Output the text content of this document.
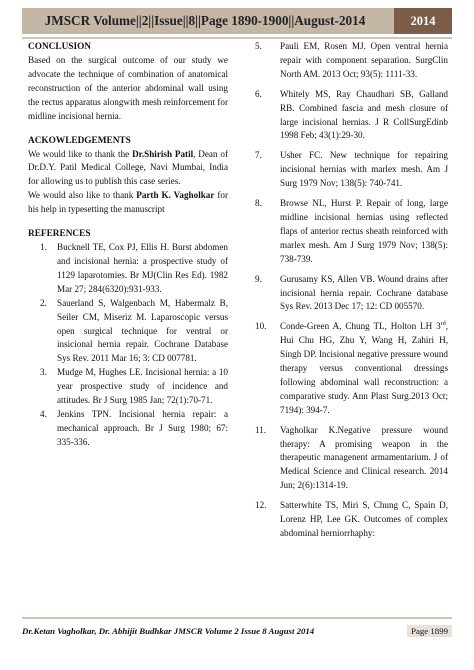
JMSCR Volume||2||Issue||8||Page 1890-1900||August-2014	2014
CONCLUSION

Based on the surgical outcome of our study we advocate the technique of combination of anatomical reconstruction of the anterior abdominal wall using the rectus apparatus alongwith mesh reinforcement for midline incisional hernia.

ACKOWLEDGEMENTS

We would like to thank the Dr.Shirish Patil, Dean of Dr.D.Y. Patil Medical College, Navi Mumbai, India for allowing us to publish this case series.

We would also like to thank Parth K. Vagholkar for his help in typesetting the manuscript

REFERENCES
1. Bucknell TE, Cox PJ, Ellis H. Burst abdomen and incisional hernia: a prospective study of 1129 laparotomies. Br MJ(Clin Res Ed). 1982 Mar 27; 284(6320):931-933.
2. Sauerland S, Walgenbach M, Habermalz B, Seiler CM, Miseriz M. Laparoscopic versus open surgical technique for ventral or insicional hernia repair. Cochrane Database Sys Rev. 2011 Mar 16; 3: CD 007781.
3. Mudge M, Hughes LE. Incisional hernia: a 10 year prospective study of incidence and attitudes. Br J Surg 1985 Jan; 72(1):70-71.
4. Jenkins TPN. Incisional hernia repair: a mechanical approach. Br J Surg 1980; 67: 335-336.
5. Pauli EM, Rosen MJ. Open ventral hernia repair with component separation. SurgClin North AM. 2013 Oct; 93(5): 1111-33.
6. Whitely MS, Ray Chaudhari SB, Galland RB. Combined fascia and mesh closure of large incisional hernias. J R CollSurgEdinb 1998 Feb; 43(1):29-30.
7. Usher FC. New technique for repairing incisional hernias with marlex mesh. Am J Surg 1979 Nov; 138(5): 740-741.
8. Browse NL, Hurst P. Repair of long, large midline incisional hernias using reflected flaps of anterior rectus sheath reinforced with marlex mesh. Am J Surg 1979 Nov; 138(5): 738-739.
9. Gurusamy KS, Allen VB. Wound drains after incisional hernia repair. Cochrane database Sys Rev. 2013 Dec 17; 12: CD 005570.
10. Conde-Green A, Chung TL, Holton LH 3rd, Hui Chu HG, Zhu Y, Wang H, Zahiri H, Singh DP. Incisional negative pressure wound therapy versus conventional dressings following abdominal wall reconstruction: a comparative study. Ann Plast Surg.2013 Oct; 7194): 394-7.
11. Vagholkar K.Negative pressure wound therapy: A promising weapon in the therapeutic managenent armamentarium. J of Medical Science and Clinical research. 2014 Jun; 2(6):1314-19.
12. Satterwhite TS, Miri S, Chung C, Spain D, Lorenz HP, Lee GK. Outcomes of complex abdominal herniorrhaphy:
Dr.Ketan Vagholkar, Dr. Abhijit Budhkar JMSCR Volume 2 Issue 8 August 2014	Page 1899
